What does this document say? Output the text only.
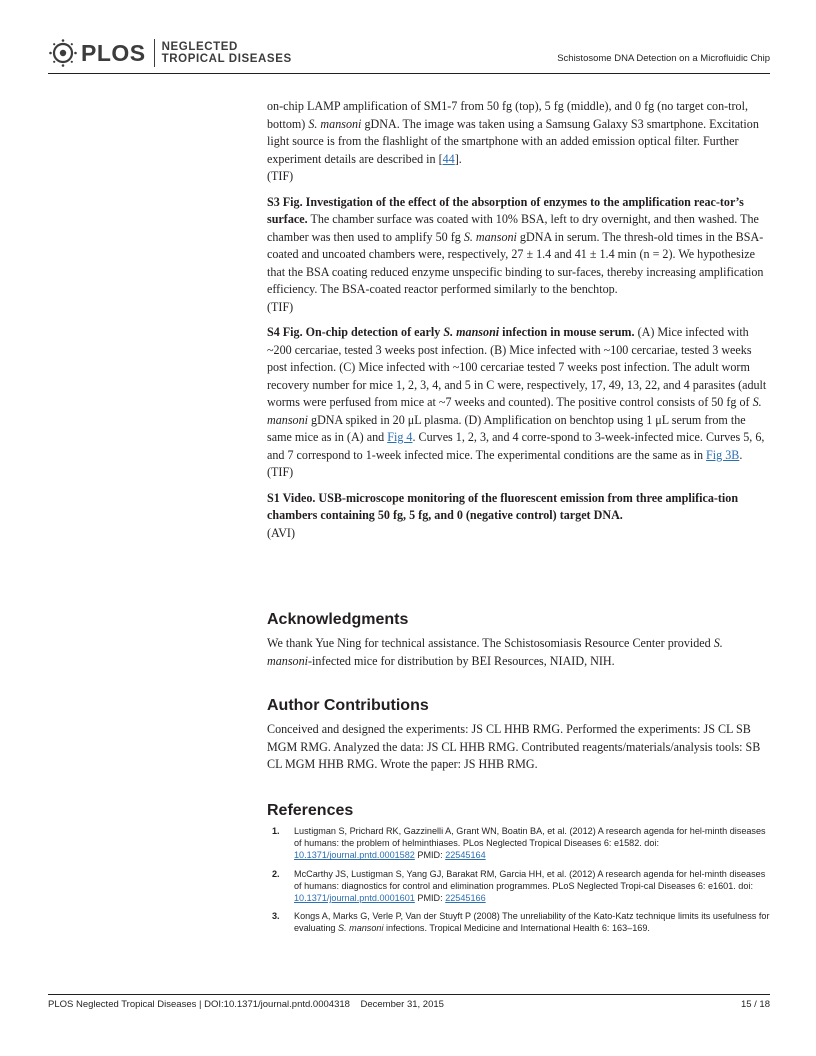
PLOS NEGLECTED
TROPICAL DISEASES	Schistosome DNA Detection on a Microfluidic Chip

on-chip LAMP amplification of SM1-7 from 50 fg (top), 5 fg (middle), and 0 fg (no target con-trol, bottom) S. mansoni gDNA. The image was taken using a Samsung Galaxy S3 smartphone. Excitation light source is from the flashlight of the smartphone with an added emission optical filter. Further experiment details are described in [44].

(TIF)

S3 Fig. Investigation of the effect of the absorption of enzymes to the amplification reac-tor’s surface. The chamber surface was coated with 10% BSA, left to dry overnight, and then washed. The chamber was then used to amplify 50 fg S. mansoni gDNA in serum. The thresh-old times in the BSA-coated and uncoated chambers were, respectively, 27 ± 1.4 and 41 ± 1.4 min (n = 2). We hypothesize that the BSA coating reduced enzyme unspecific binding to sur-faces, thereby increasing amplification efficiency. The BSA-coated reactor performed similarly to the benchtop.

(TIF)

S4 Fig. On-chip detection of early S. mansoni infection in mouse serum. (A) Mice infected with ~200 cercariae, tested 3 weeks post infection. (B) Mice infected with ~100 cercariae, tested 3 weeks post infection. (C) Mice infected with ~100 cercariae tested 7 weeks post infection. The adult worm recovery number for mice 1, 2, 3, 4, and 5 in C were, respectively, 17, 49, 13, 22, and 4 parasites (adult worms were perfused from mice at ~7 weeks and counted). The positive control consists of 50 fg of S. mansoni gDNA spiked in 20 μL plasma. (D) Amplification on benchtop using 1 μL serum from the same mice as in (A) and Fig 4. Curves 1, 2, 3, and 4 corre-spond to 3-week-infected mice. Curves 5, 6, and 7 correspond to 1-week infected mice. The experimental conditions are the same as in Fig 3B.

(TIF)

S1 Video. USB-microscope monitoring of the fluorescent emission from three amplifica-tion chambers containing 50 fg, 5 fg, and 0 (negative control) target DNA.

(AVI)

Acknowledgments

We thank Yue Ning for technical assistance. The Schistosomiasis Resource Center provided S. mansoni-infected mice for distribution by BEI Resources, NIAID, NIH.

Author Contributions

Conceived and designed the experiments: JS CL HHB RMG. Performed the experiments: JS CL SB MGM RMG. Analyzed the data: JS CL HHB RMG. Contributed reagents/materials/analysis tools: SB CL MGM HHB RMG. Wrote the paper: JS HHB RMG.

References
1.	Lustigman S, Prichard RK, Gazzinelli A, Grant WN, Boatin BA, et al. (2012) A research agenda for hel-minth diseases of humans: the problem of helminthiases. PLos Neglected Tropical Diseases 6: e1582. doi: 10.1371/journal.pntd.0001582 PMID: 22545164
2.	McCarthy JS, Lustigman S, Yang GJ, Barakat RM, Garcia HH, et al. (2012) A research agenda for hel-minth diseases of humans: diagnostics for control and elimination programmes. PLoS Neglected Tropi-cal Diseases 6: e1601. doi: 10.1371/journal.pntd.0001601 PMID: 22545166
3.	Kongs A, Marks G, Verle P, Van der Stuyft P (2008) The unreliability of the Kato-Katz technique limits its usefulness for evaluating S. mansoni infections. Tropical Medicine and International Health 6: 163–169.
PLOS Neglected Tropical Diseases | DOI:10.1371/journal.pntd.0004318 December 31, 2015	15 / 18
